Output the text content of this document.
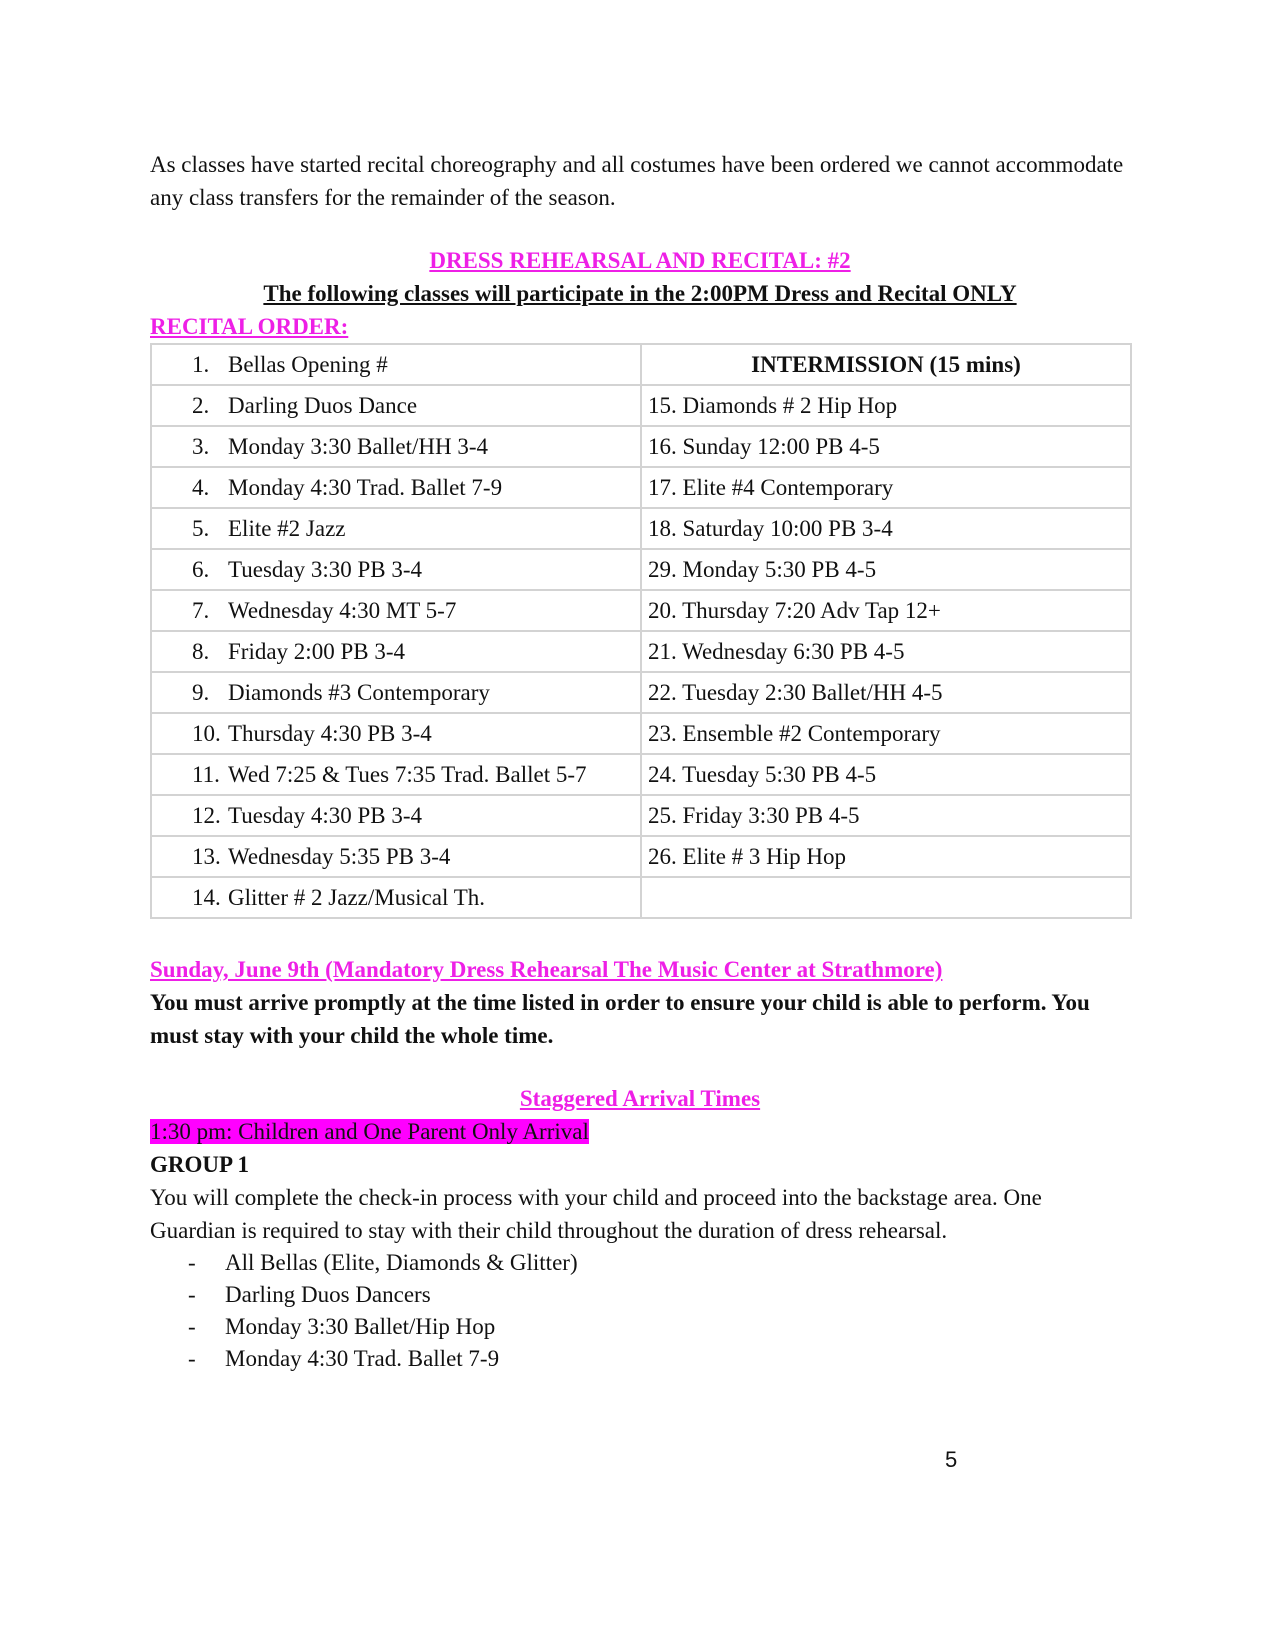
As classes have started recital choreography and all costumes have been ordered we cannot accommodate any class transfers for the remainder of the season.

DRESS REHEARSAL AND RECITAL: #2
The following classes will participate in the 2:00PM Dress and Recital ONLY
RECITAL ORDER:
1. Bellas Opening #	INTERMISSION (15 mins)
2. Darling Duos Dance	15. Diamonds # 2 Hip Hop
3. Monday 3:30 Ballet/HH 3-4	16. Sunday 12:00 PB 4-5
4. Monday 4:30 Trad. Ballet 7-9	17. Elite #4 Contemporary
5. Elite #2 Jazz	18. Saturday 10:00 PB 3-4
6. Tuesday 3:30 PB 3-4	29. Monday 5:30 PB 4-5
7. Wednesday 4:30 MT 5-7	20. Thursday 7:20 Adv Tap 12+
8. Friday 2:00 PB 3-4	21. Wednesday 6:30 PB 4-5
9. Diamonds #3 Contemporary	22. Tuesday 2:30 Ballet/HH 4-5
10. Thursday 4:30 PB 3-4	23. Ensemble #2 Contemporary
11. Wed 7:25 & Tues 7:35 Trad. Ballet 5-7	24. Tuesday 5:30 PB 4-5
12. Tuesday 4:30 PB 3-4	25. Friday 3:30 PB 4-5
13. Wednesday 5:35 PB 3-4	26. Elite # 3 Hip Hop
14. Glitter # 2 Jazz/Musical Th.	
Sunday, June 9th (Mandatory Dress Rehearsal The Music Center at Strathmore)
You must arrive promptly at the time listed in order to ensure your child is able to perform. You must stay with your child the whole time.
Staggered Arrival Times
1:30 pm: Children and One Parent Only Arrival
GROUP 1
You will complete the check-in process with your child and proceed into the backstage area. One Guardian is required to stay with their child throughout the duration of dress rehearsal.
- All Bellas (Elite, Diamonds & Glitter)
- Darling Duos Dancers
- Monday 3:30 Ballet/Hip Hop
- Monday 4:30 Trad. Ballet 7-9
5
